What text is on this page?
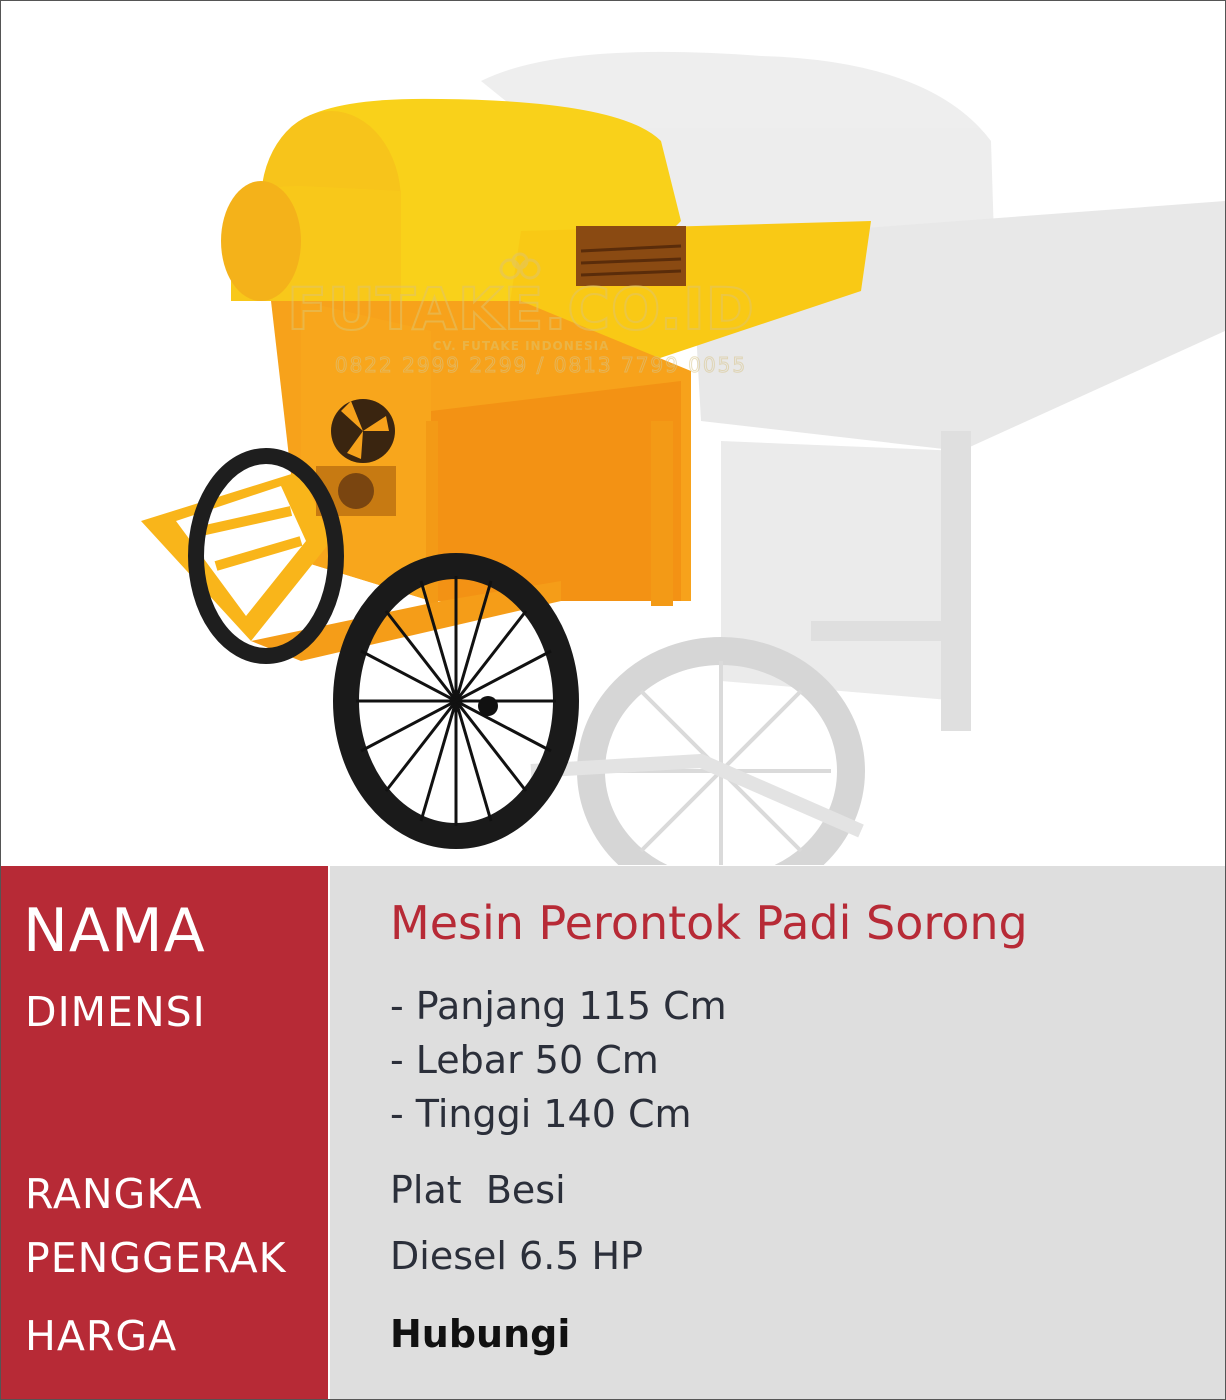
FUTAKE.CO.ID
CV. FUTAKE INDONESIA
0822 2999 2299 / 0813 7799 0055
NAMA
DIMENSI
RANGKA
PENGGERAK
HARGA
Mesin Perontok Padi Sorong
- Panjang 115 Cm
- Lebar 50 Cm
- Tinggi 140 Cm
Plat  Besi
Diesel 6.5 HP
Hubungi
